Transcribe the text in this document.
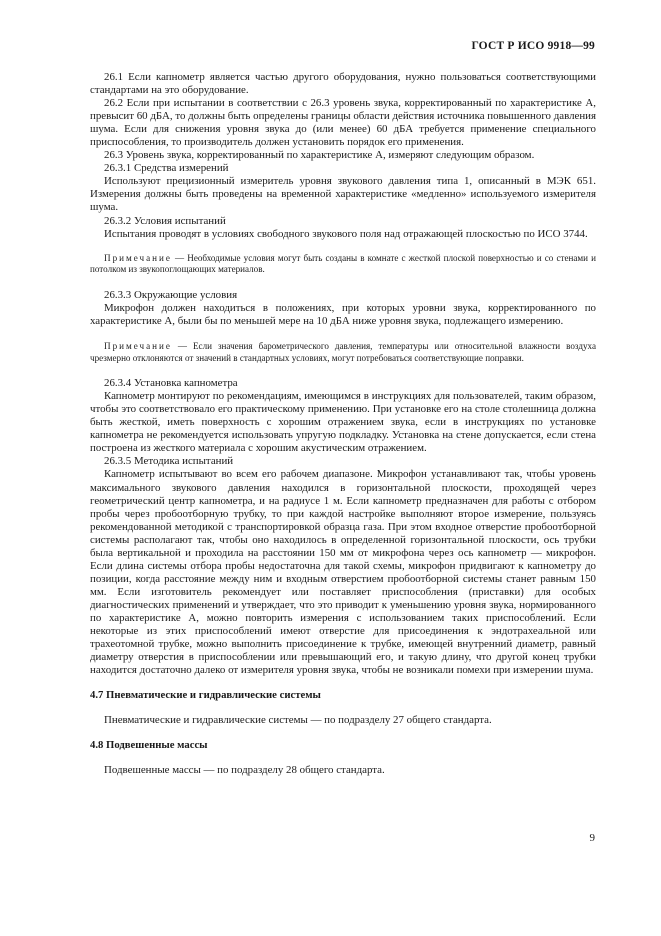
ГОСТ Р ИСО 9918—99

26.1 Если капнометр является частью другого оборудования, нужно пользоваться соответствующими стандартами на это оборудование.

26.2 Если при испытании в соответствии с 26.3 уровень звука, корректированный по характеристике А, превысит 60 дБА, то должны быть определены границы области действия источника повышенного давления шума. Если для снижения уровня звука до (или менее) 60 дБА требуется применение специального приспособления, то производитель должен установить порядок его применения.

26.3 Уровень звука, корректированный по характеристике А, измеряют следующим образом.

26.3.1 Средства измерений

Используют прецизионный измеритель уровня звукового давления типа 1, описанный в МЭК 651. Измерения должны быть проведены на временной характеристике «медленно» используемого измерителя шума.

26.3.2 Условия испытаний

Испытания проводят в условиях свободного звукового поля над отражающей плоскостью по ИСО 3744.

Примечание — Необходимые условия могут быть созданы в комнате с жесткой плоской поверхностью и со стенами и потолком из звукопоглощающих материалов.

26.3.3 Окружающие условия

Микрофон должен находиться в положениях, при которых уровни звука, корректированного по характеристике А, были бы по меньшей мере на 10 дБА ниже уровня звука, подлежащего измерению.

Примечание — Если значения барометрического давления, температуры или относительной влажности воздуха чрезмерно отклоняются от значений в стандартных условиях, могут потребоваться соответствующие поправки.

26.3.4 Установка капнометра

Капнометр монтируют по рекомендациям, имеющимся в инструкциях для пользователей, таким образом, чтобы это соответствовало его практическому применению. При установке его на столе столешница должна быть жесткой, иметь поверхность с хорошим отражением звука, если в инструкциях по установке капнометра не рекомендуется использовать упругую подкладку. Установка на стене допускается, если стена построена из жесткого материала с хорошим акустическим отражением.

26.3.5 Методика испытаний

Капнометр испытывают во всем его рабочем диапазоне. Микрофон устанавливают так, чтобы уровень максимального звукового давления находился в горизонтальной плоскости, проходящей через геометрический центр капнометра, и на радиусе 1 м. Если капнометр предназначен для работы с отбором пробы через пробоотборную трубку, то при каждой настройке выполняют второе измерение, пользуясь рекомендованной методикой с транспортировкой образца газа. При этом входное отверстие пробоотборной системы располагают так, чтобы оно находилось в определенной горизонтальной плоскости, ось трубки была вертикальной и проходила на расстоянии 150 мм от микрофона через ось капнометр — микрофон. Если длина системы отбора пробы недостаточна для такой схемы, микрофон придвигают к капнометру до позиции, когда расстояние между ним и входным отверстием пробоотборной системы станет равным 150 мм. Если изготовитель рекомендует или поставляет приспособления (приставки) для особых диагностических применений и утверждает, что это приводит к уменьшению уровня звука, нормированного по характеристике А, можно повторить измерения с использованием таких приспособлений. Если некоторые из этих приспособлений имеют отверстие для присоединения к эндотрахеальной или трахеотомной трубке, можно выполнить присоединение к трубке, имеющей внутренний диаметр, равный диаметру отверстия в приспособлении или превышающий его, и такую длину, что другой конец трубки находится достаточно далеко от измерителя уровня звука, чтобы не возникали помехи при измерении шума.

4.7 Пневматические и гидравлические системы

Пневматические и гидравлические системы — по подразделу 27 общего стандарта.

4.8 Подвешенные массы

Подвешенные массы — по подразделу 28 общего стандарта.

9
